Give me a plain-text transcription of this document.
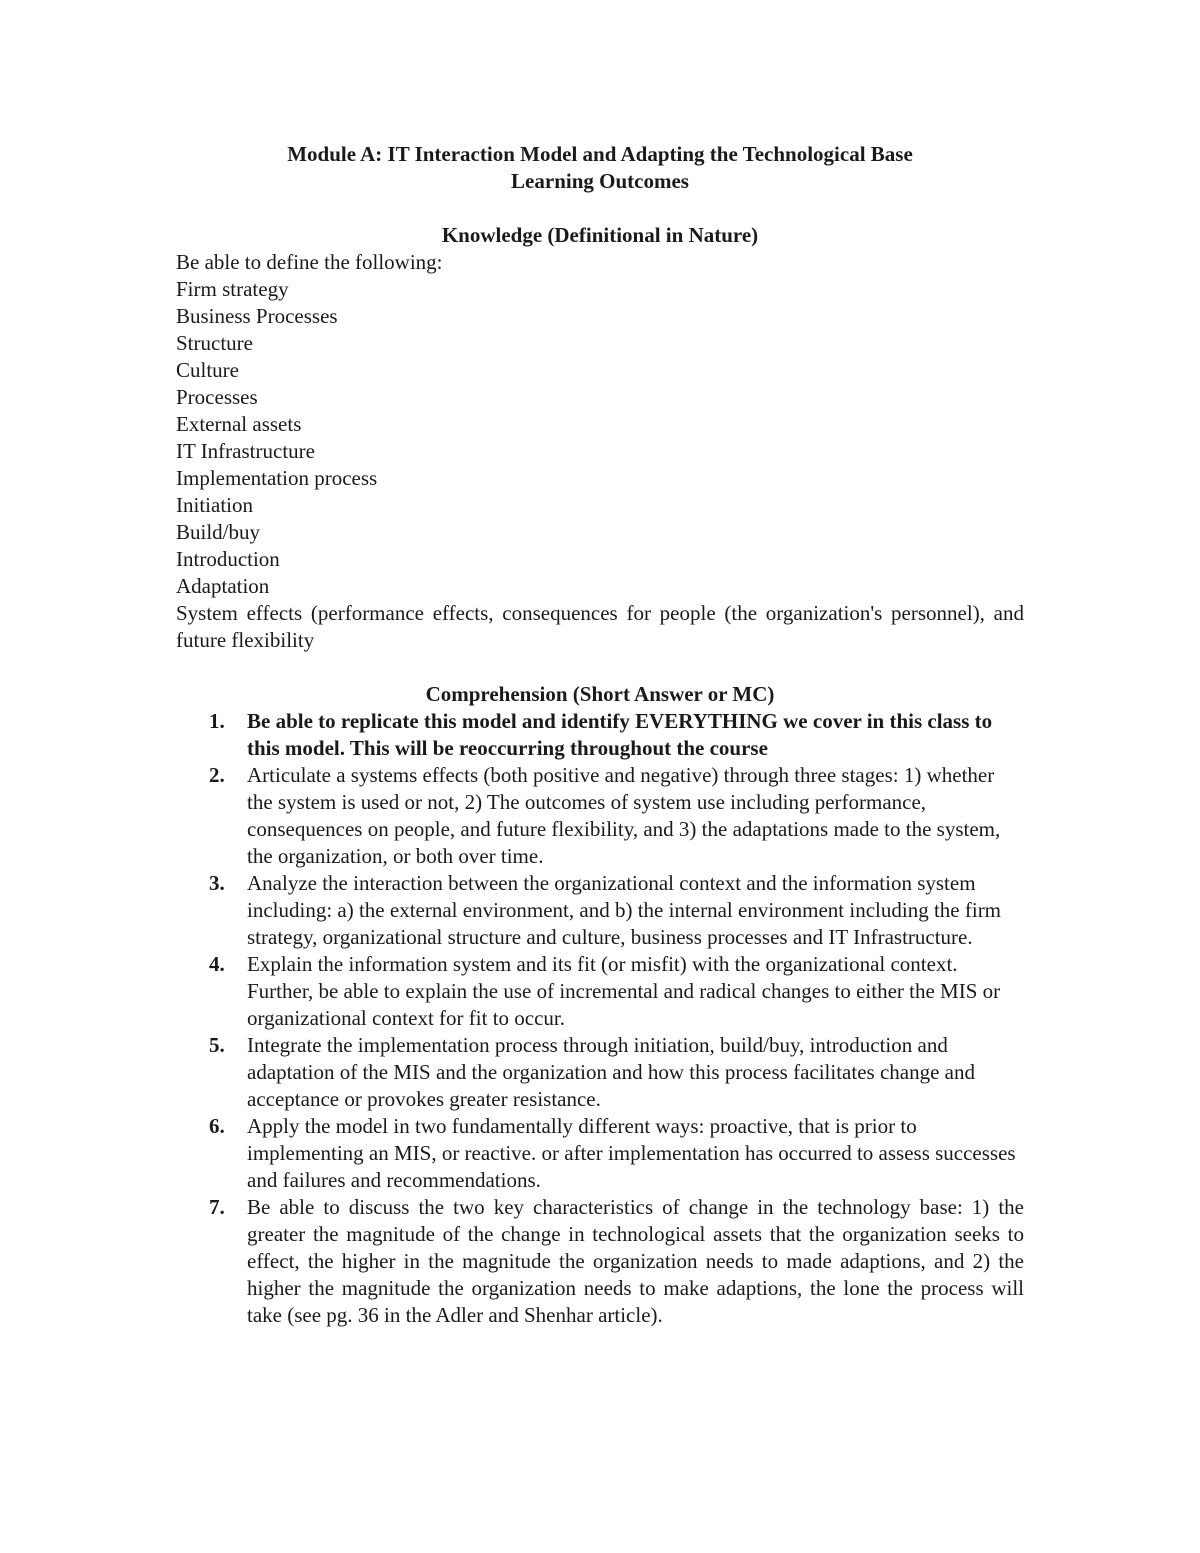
Module A: IT Interaction Model and Adapting the Technological Base
Learning Outcomes
Knowledge (Definitional in Nature)
Be able to define the following:
Firm strategy
Business Processes
Structure
Culture
Processes
External assets
IT Infrastructure
Implementation process
Initiation
Build/buy
Introduction
Adaptation
System effects (performance effects, consequences for people (the organization's personnel), and future flexibility
Comprehension (Short Answer or MC)
1. Be able to replicate this model and identify EVERYTHING we cover in this class to this model. This will be reoccurring throughout the course
2. Articulate a systems effects (both positive and negative) through three stages: 1) whether the system is used or not, 2) The outcomes of system use including performance, consequences on people, and future flexibility, and 3) the adaptations made to the system, the organization, or both over time.
3. Analyze the interaction between the organizational context and the information system including: a) the external environment, and b) the internal environment including the firm strategy, organizational structure and culture, business processes and IT Infrastructure.
4. Explain the information system and its fit (or misfit) with the organizational context. Further, be able to explain the use of incremental and radical changes to either the MIS or organizational context for fit to occur.
5. Integrate the implementation process through initiation, build/buy, introduction and adaptation of the MIS and the organization and how this process facilitates change and acceptance or provokes greater resistance.
6. Apply the model in two fundamentally different ways: proactive, that is prior to implementing an MIS, or reactive. or after implementation has occurred to assess successes and failures and recommendations.
7. Be able to discuss the two key characteristics of change in the technology base: 1) the greater the magnitude of the change in technological assets that the organization seeks to effect, the higher in the magnitude the organization needs to made adaptions, and 2) the higher the magnitude the organization needs to make adaptions, the lone the process will take (see pg. 36 in the Adler and Shenhar article).
